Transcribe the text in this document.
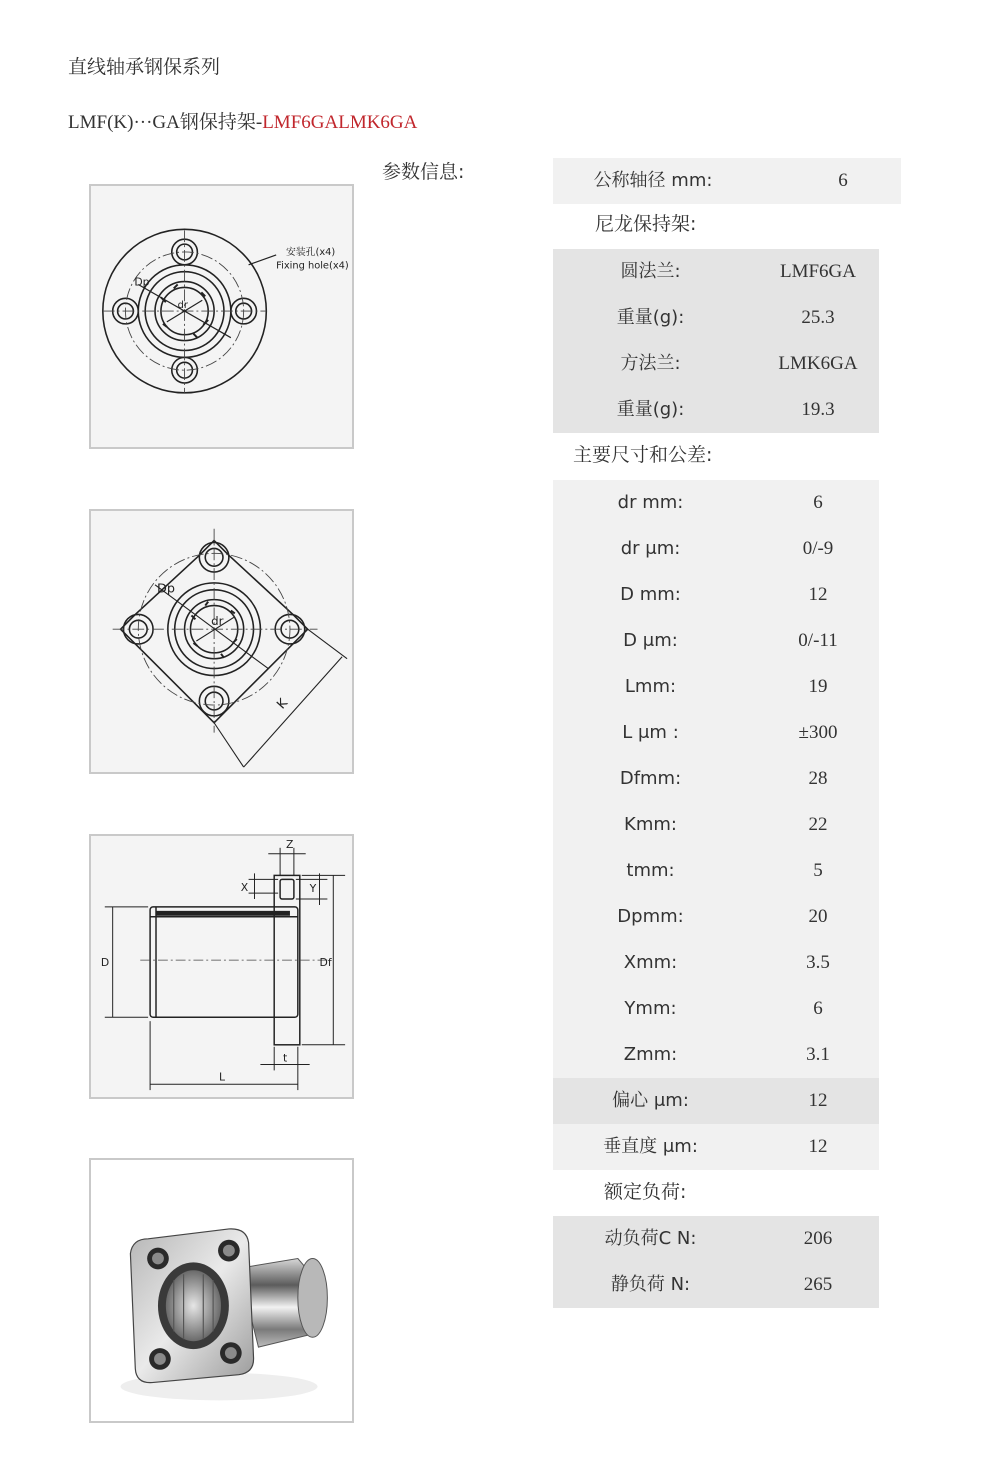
直线轴承钢保系列
LMF(K)···GA钢保持架-LMF6GALMK6GA
参数信息:
Dp
dr
安装孔(x4)
Fixing hole(x4)
Dp
dr
K
Z
X	Y
D	Df
t
L
公称轴径 mm:	6
尼龙保持架:
圆法兰:	LMF6GA
重量(g):	25.3
方法兰:	LMK6GA
重量(g):	19.3
主要尺寸和公差:
dr mm:	6
dr μm:	0/-9
D mm:	12
D μm:	0/-11
Lmm:	19
L μm :	±300
Dfmm:	28
Kmm:	22
tmm:	5
Dpmm:	20
Xmm:	3.5
Ymm:	6
Zmm:	3.1
偏心 μm:	12
垂直度 μm:	12
额定负荷:
动负荷C N:	206
静负荷 N:	265
